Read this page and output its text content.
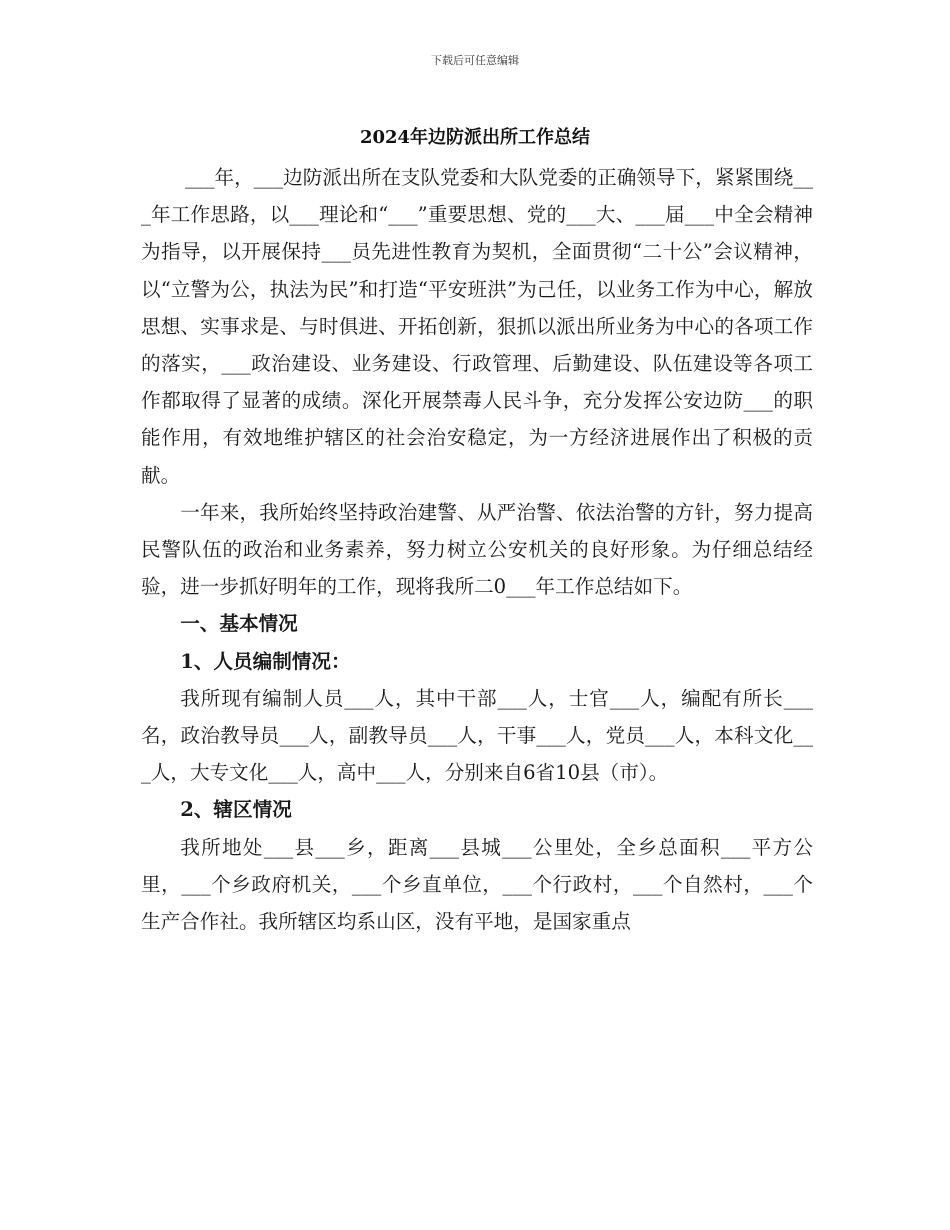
下载后可任意编辑
2024年边防派出所工作总结

___年，___边防派出所在支队党委和大队党委的正确领导下，紧紧围绕___年工作思路，以___理论和“___”重要思想、党的___大、___届___中全会精神为指导，以开展保持___员先进性教育为契机，全面贯彻“二十公”会议精神，以“立警为公，执法为民”和打造“平安班洪”为己任，以业务工作为中心，解放思想、实事求是、与时俱进、开拓创新，狠抓以派出所业务为中心的各项工作的落实，___政治建设、业务建设、行政管理、后勤建设、队伍建设等各项工作都取得了显著的成绩。深化开展禁毒人民斗争，充分发挥公安边防___的职能作用，有效地维护辖区的社会治安稳定，为一方经济进展作出了积极的贡献。

一年来，我所始终坚持政治建警、从严治警、依法治警的方针，努力提高民警队伍的政治和业务素养，努力树立公安机关的良好形象。为仔细总结经验，进一步抓好明年的工作，现将我所二0___年工作总结如下。

一、基本情况

1、人员编制情况：

我所现有编制人员___人，其中干部___人，士官___人，编配有所长___名，政治教导员___人，副教导员___人，干事___人，党员___人，本科文化___人，大专文化___人，高中___人，分别来自6省10县（市）。

2、辖区情况

我所地处___县___乡，距离___县城___公里处，全乡总面积___平方公里，___个乡政府机关，___个乡直单位，___个行政村，___个自然村，___个生产合作社。我所辖区均系山区，没有平地，是国家重点
